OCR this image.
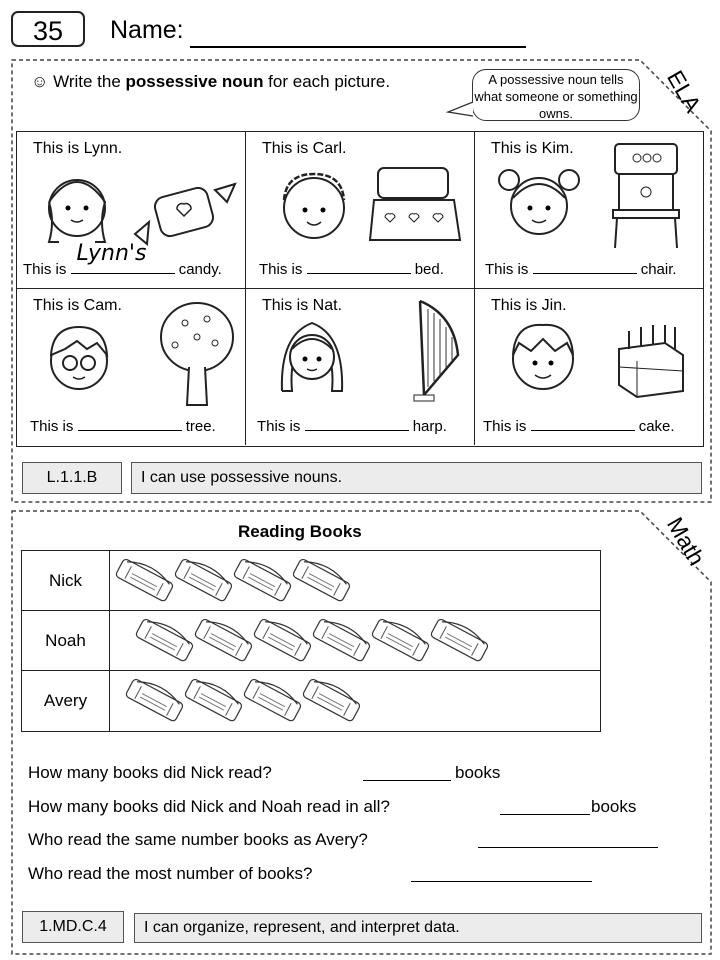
35	Name:
ELA
☺ Write the possessive noun for each picture.	A possessive noun tells what someone or something owns.
This is Lynn.
This is
Lynn's
candy.
This is Carl.
This is	bed.
This is Kim.
This is	chair.
This is Cam.
This is	tree.
This is Nat.
This is	harp.
This is Jin.
This is	cake.
L.1.1.B	I can use possessive nouns.
Math
Reading Books
Nick
Noah
Avery
How many books did Nick read?	books
How many books did Nick and Noah read in all?	books
Who read the same number books as Avery?
Who read the most number of books?
1.MD.C.4	I can organize, represent, and interpret data.
